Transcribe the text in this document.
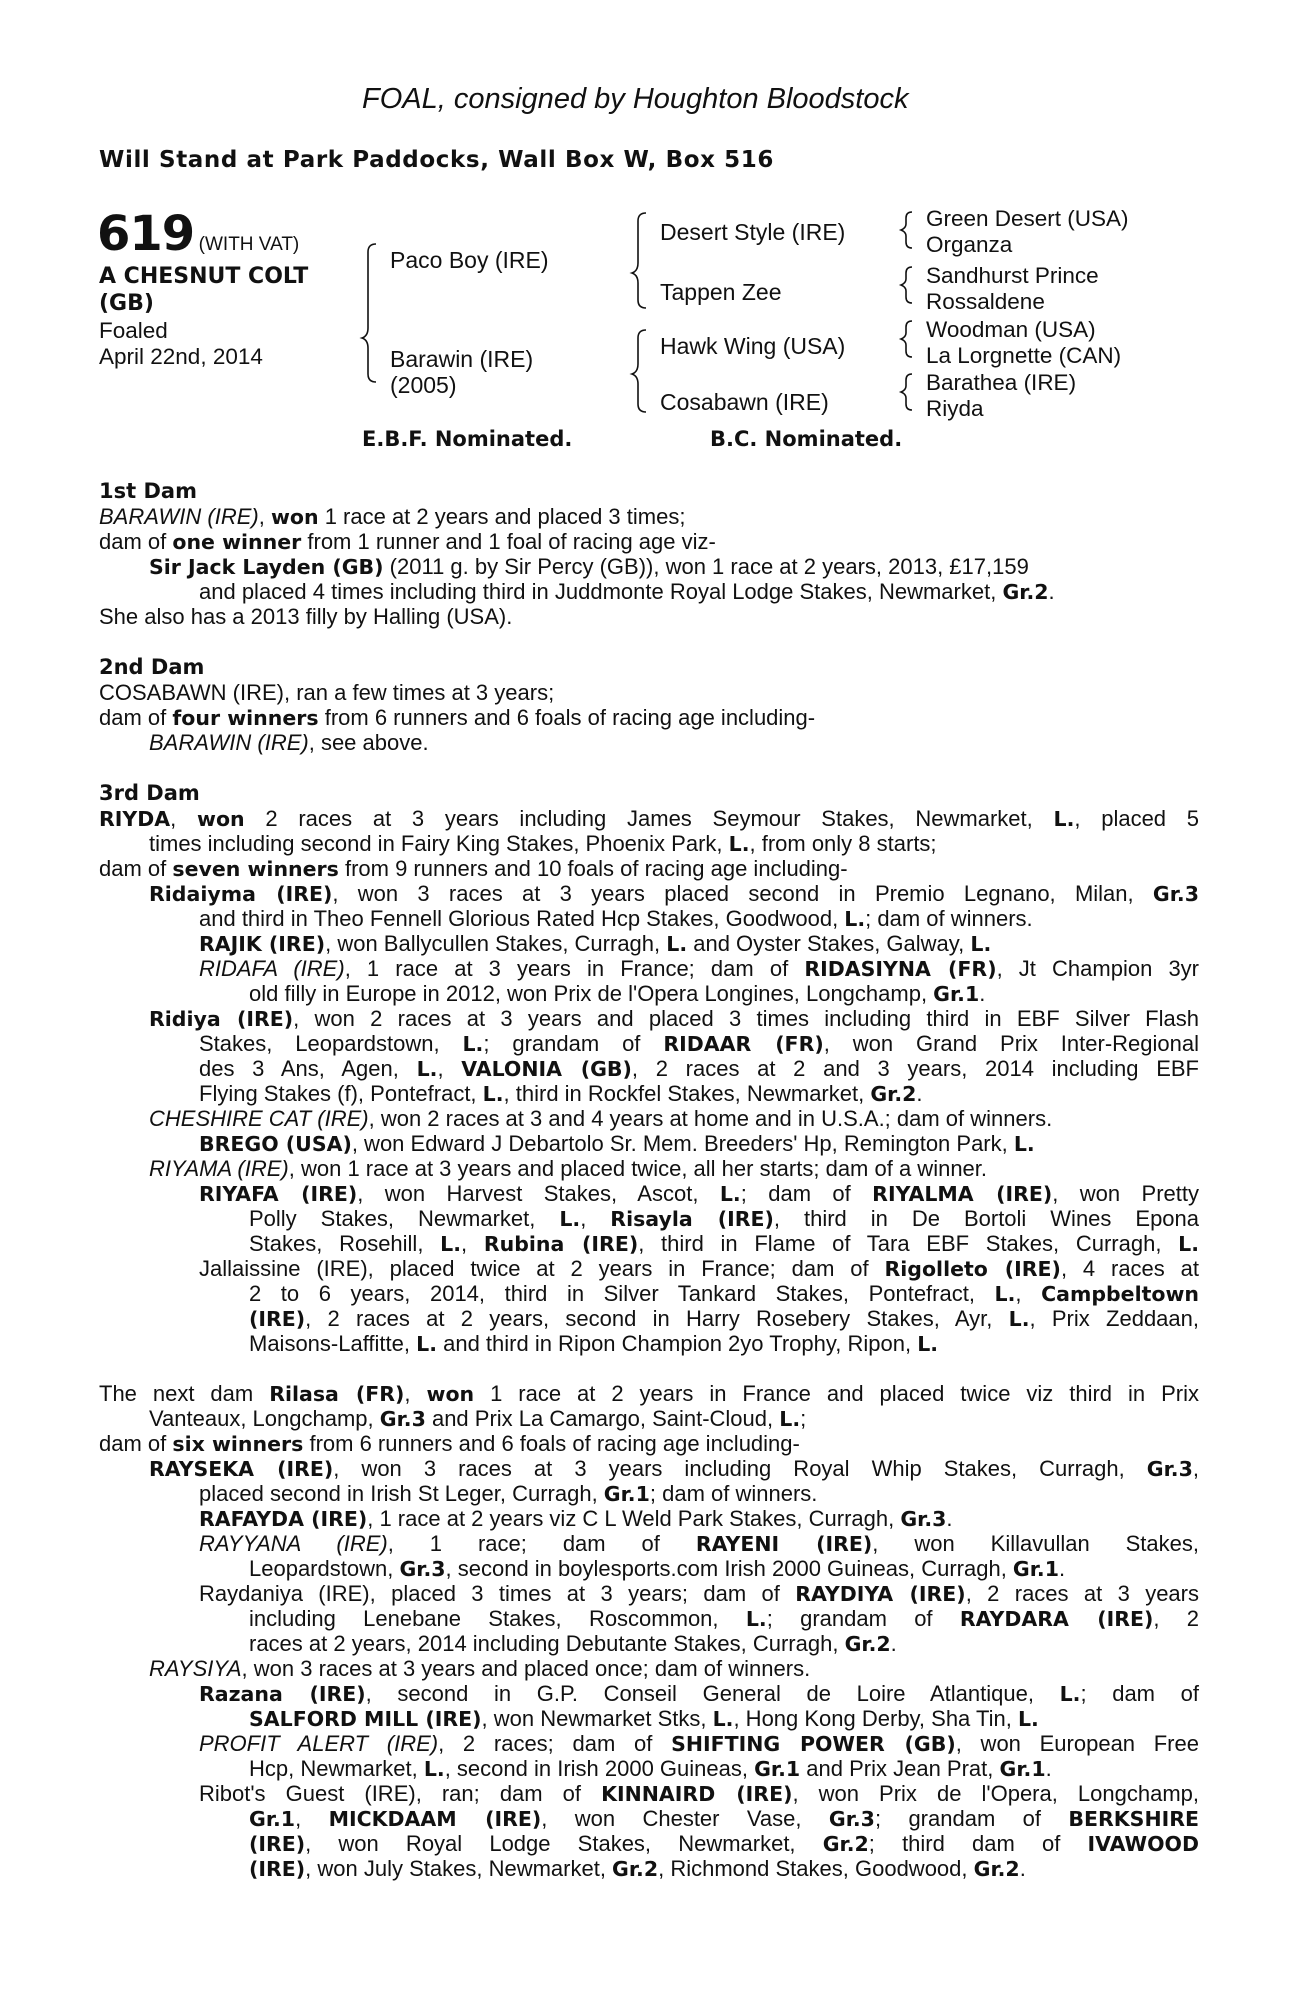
FOAL, consigned by Houghton Bloodstock
Will Stand at Park Paddocks, Wall Box W, Box 516
619 (WITH VAT)
A CHESNUT COLT
(GB)
Foaled
April 22nd, 2014
Paco Boy (IRE)
Barawin (IRE)
(2005)
Desert Style (IRE)
Tappen Zee
Hawk Wing (USA)
Cosabawn (IRE)
Green Desert (USA)
Organza
Sandhurst Prince
Rossaldene
Woodman (USA)
La Lorgnette (CAN)
Barathea (IRE)
Riyda
E.B.F. Nominated.	B.C. Nominated.
1st Dam
BARAWIN (IRE), won 1 race at 2 years and placed 3 times;
dam of one winner from 1 runner and 1 foal of racing age viz-
Sir Jack Layden (GB) (2011 g. by Sir Percy (GB)), won 1 race at 2 years, 2013, £17,159
and placed 4 times including third in Juddmonte Royal Lodge Stakes, Newmarket, Gr.2.
She also has a 2013 filly by Halling (USA).
2nd Dam
COSABAWN (IRE), ran a few times at 3 years;
dam of four winners from 6 runners and 6 foals of racing age including-
BARAWIN (IRE), see above.
3rd Dam
RIYDA, won 2 races at 3 years including James Seymour Stakes, Newmarket, L., placed 5
times including second in Fairy King Stakes, Phoenix Park, L., from only 8 starts;
dam of seven winners from 9 runners and 10 foals of racing age including-
Ridaiyma (IRE), won 3 races at 3 years placed second in Premio Legnano, Milan, Gr.3
and third in Theo Fennell Glorious Rated Hcp Stakes, Goodwood, L.; dam of winners.
RAJIK (IRE), won Ballycullen Stakes, Curragh, L. and Oyster Stakes, Galway, L.
RIDAFA (IRE), 1 race at 3 years in France; dam of RIDASIYNA (FR), Jt Champion 3yr
old filly in Europe in 2012, won Prix de l'Opera Longines, Longchamp, Gr.1.
Ridiya (IRE), won 2 races at 3 years and placed 3 times including third in EBF Silver Flash
Stakes, Leopardstown, L.; grandam of RIDAAR (FR), won Grand Prix Inter-Regional
des 3 Ans, Agen, L., VALONIA (GB), 2 races at 2 and 3 years, 2014 including EBF
Flying Stakes (f), Pontefract, L., third in Rockfel Stakes, Newmarket, Gr.2.
CHESHIRE CAT (IRE), won 2 races at 3 and 4 years at home and in U.S.A.; dam of winners.
BREGO (USA), won Edward J Debartolo Sr. Mem. Breeders' Hp, Remington Park, L.
RIYAMA (IRE), won 1 race at 3 years and placed twice, all her starts; dam of a winner.
RIYAFA (IRE), won Harvest Stakes, Ascot, L.; dam of RIYALMA (IRE), won Pretty
Polly Stakes, Newmarket, L., Risayla (IRE), third in De Bortoli Wines Epona
Stakes, Rosehill, L., Rubina (IRE), third in Flame of Tara EBF Stakes, Curragh, L.
Jallaissine (IRE), placed twice at 2 years in France; dam of Rigolleto (IRE), 4 races at
2 to 6 years, 2014, third in Silver Tankard Stakes, Pontefract, L., Campbeltown
(IRE), 2 races at 2 years, second in Harry Rosebery Stakes, Ayr, L., Prix Zeddaan,
Maisons-Laffitte, L. and third in Ripon Champion 2yo Trophy, Ripon, L.
The next dam Rilasa (FR), won 1 race at 2 years in France and placed twice viz third in Prix
Vanteaux, Longchamp, Gr.3 and Prix La Camargo, Saint-Cloud, L.;
dam of six winners from 6 runners and 6 foals of racing age including-
RAYSEKA (IRE), won 3 races at 3 years including Royal Whip Stakes, Curragh, Gr.3,
placed second in Irish St Leger, Curragh, Gr.1; dam of winners.
RAFAYDA (IRE), 1 race at 2 years viz C L Weld Park Stakes, Curragh, Gr.3.
RAYYANA (IRE), 1 race; dam of RAYENI (IRE), won Killavullan Stakes,
Leopardstown, Gr.3, second in boylesports.com Irish 2000 Guineas, Curragh, Gr.1.
Raydaniya (IRE), placed 3 times at 3 years; dam of RAYDIYA (IRE), 2 races at 3 years
including Lenebane Stakes, Roscommon, L.; grandam of RAYDARA (IRE), 2
races at 2 years, 2014 including Debutante Stakes, Curragh, Gr.2.
RAYSIYA, won 3 races at 3 years and placed once; dam of winners.
Razana (IRE), second in G.P. Conseil General de Loire Atlantique, L.; dam of
SALFORD MILL (IRE), won Newmarket Stks, L., Hong Kong Derby, Sha Tin, L.
PROFIT ALERT (IRE), 2 races; dam of SHIFTING POWER (GB), won European Free
Hcp, Newmarket, L., second in Irish 2000 Guineas, Gr.1 and Prix Jean Prat, Gr.1.
Ribot's Guest (IRE), ran; dam of KINNAIRD (IRE), won Prix de l'Opera, Longchamp,
Gr.1, MICKDAAM (IRE), won Chester Vase, Gr.3; grandam of BERKSHIRE
(IRE), won Royal Lodge Stakes, Newmarket, Gr.2; third dam of IVAWOOD
(IRE), won July Stakes, Newmarket, Gr.2, Richmond Stakes, Goodwood, Gr.2.
